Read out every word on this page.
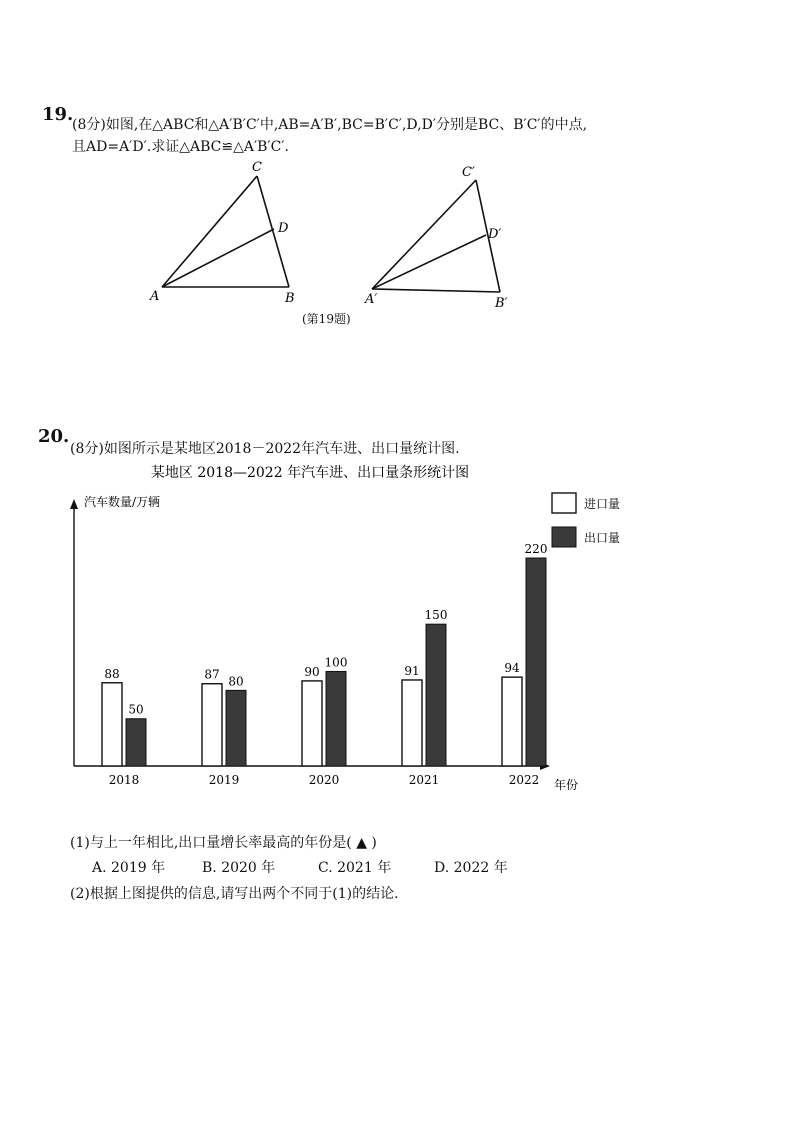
19.
(8分)如图,在△ABC和△A′B′C′中,AB=A′B′,BC=B′C′,D,D′分别是BC、B′C′的中点,
且AD=A′D′.求证△ABC≌△A′B′C′.
A	B
C
D
A′	B′
C′
D′
(第19题)
20.
(8分)如图所示是某地区2018－2022年汽车进、出口量统计图.
某地区 2018—2022 年汽车进、出口量条形统计图
汽车数量/万辆
年份
88
50
2018
87 80
2019
90
100
2020
91
150
2021
94
220
2022
进口量
出口量
(1)与上一年相比,出口量增长率最高的年份是( ▲ )
A. 2019 年	B. 2020 年	C. 2021 年	D. 2022 年
(2)根据上图提供的信息,请写出两个不同于(1)的结论.
